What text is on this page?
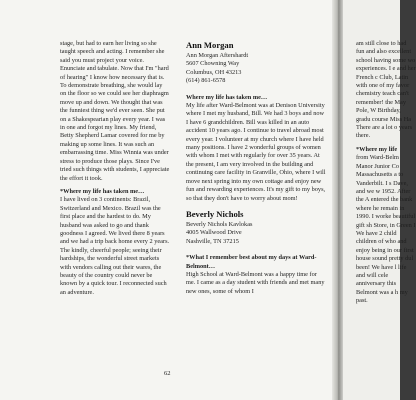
stage, but had to earn her living so she taught speech and acting. I remember she said you must project your voice. Enunciate and tabulate. Now that I'm "hard of hearing" I know how necessary that is. To demonstrate breathing, she would lay on the floor so we could see her diaphragm move up and down. We thought that was the funniest thing we'd ever seen. She put on a Shakespearian play every year. I was in one and forgot my lines. My friend, Betty Shepherd Lamar covered for me by making up some lines. It was such an embarrassing time. Miss Winnia was under stress to produce those plays. Since I've tried such things with students, I appreciate the effort it took.

*Where my life has taken me…

I have lived on 3 continents: Brazil, Switzerland and Mexico. Brazil was the first place and the hardest to do. My husband was asked to go and thank goodness I agreed. We lived there 8 years and we had a trip back home every 2 years. The kindly, cheerful people; seeing their hardships, the wonderful street markets with vendors calling out their wares, the beauty of the country could never be known by a quick tour. I reconnected such an adventure.

Ann Morgan
Ann Morgan Aftershardt
5607 Chowning Way
Columbus, OH 43213
(614) 861-6578

Where my life has taken me…

My life after Ward-Belmont was at Denison University where I met my husband, Bill. We had 3 boys and now I have 6 grandchildren. Bill was killed in an auto accident 10 years ago. I continue to travel abroad most every year. I volunteer at my church where I have held many positions. I have 2 wonderful groups of women with whom I met with regularly for over 35 years. At the present, I am very involved in the building and continuing care facility in Granville, Ohio, where I will move next spring into my own cottage and enjoy new fun and rewarding experiences. It's my gift to my boys, so that they don't have to worry about mom!

Beverly Nichols
Beverly Nichols Kavlokas
4005 Wallwood Drive
Nashville, TN 37215

*What I remember best about my days at Ward-Belmont…

High School at Ward-Belmont was a happy time for me. I came as a day student with friends and met many new ones, some of whom I

62

am still close to had fun and also excellent school having some wo experiences. I e and her French c Club, Latin with one of my favor chemistry teach can't remember! the May Pole, W Birthday, gradu course Miss Ha There are a lot o years there.

*Where my life

from Ward-Belm Manor Junior Co Massachusetts a to Vanderbilt. I s Dave, and we w 1952. After the A entered the bank where he remain in 1990. I worke beautiful gift sh Store, in Green I We have 2 child children of who and enjoy being in our first house sound pretty dul been! We have l life and will cele anniversary this Belmont was a h my past.
